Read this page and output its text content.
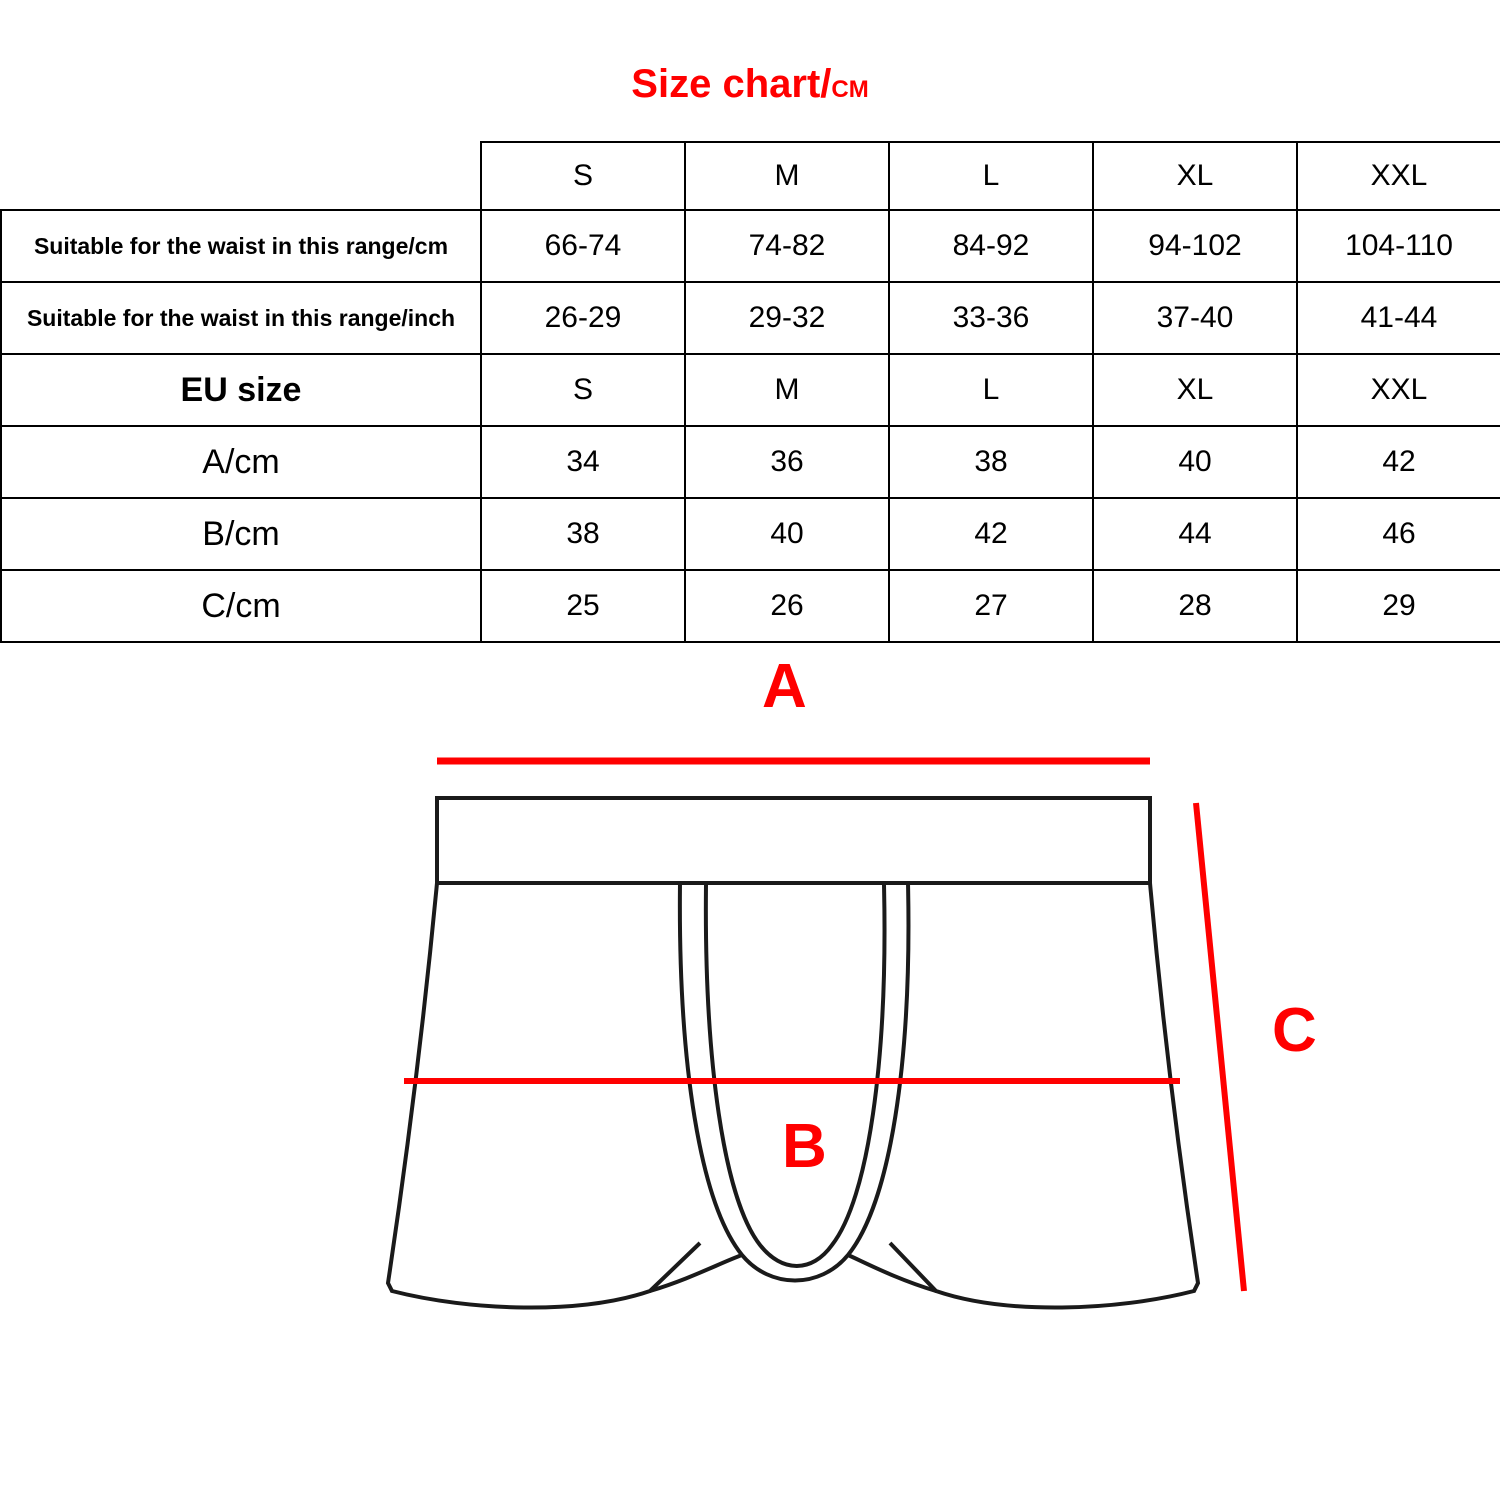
Size chart/CM
	S	M	L	XL	XXL
Suitable for the waist in this range/cm	66-74	74-82	84-92	94-102	104-110
Suitable for the waist in this range/inch	26-29	29-32	33-36	37-40	41-44
EU size	S	M	L	XL	XXL
A/cm	34	36	38	40	42
B/cm	38	40	42	44	46
C/cm	25	26	27	28	29
A
B
C
